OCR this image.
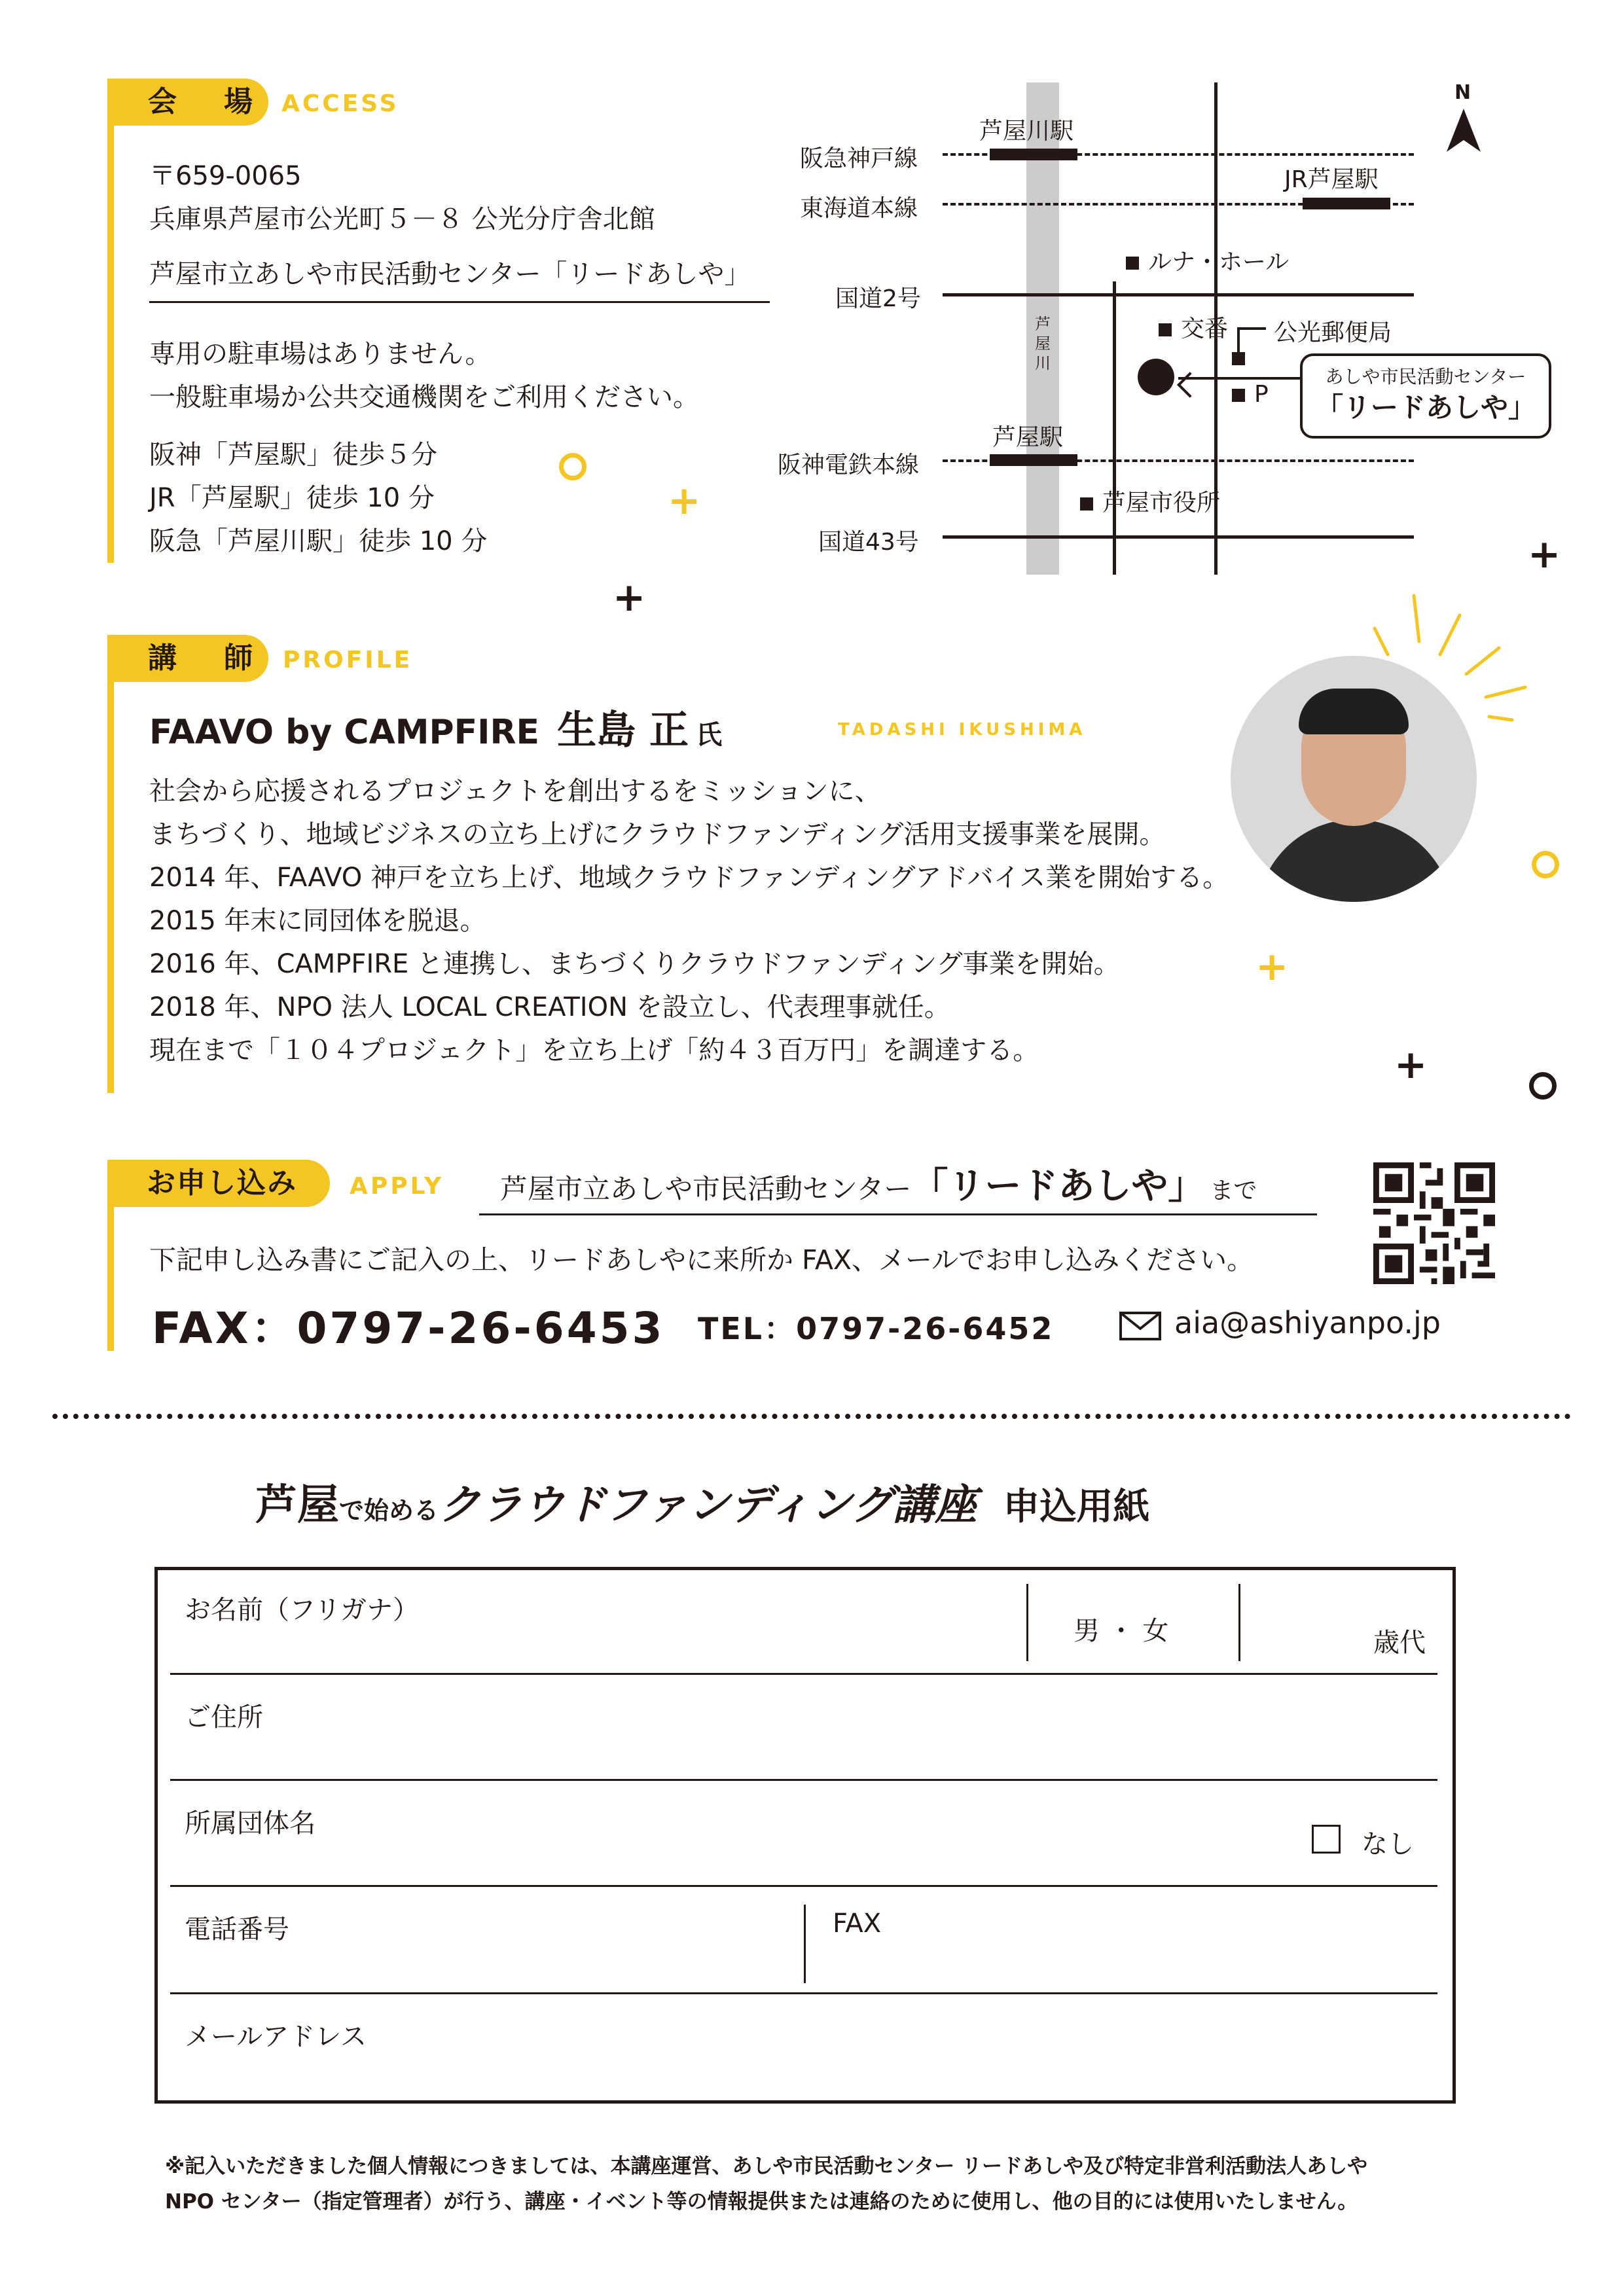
会　場 ACCESS
〒659-0065
兵庫県芦屋市公光町５－８ 公光分庁舎北館
芦屋市立あしや市民活動センター「リードあしや」
専用の駐車場はありません。
一般駐車場か公共交通機関をご利用ください。
阪神「芦屋駅」徒歩５分
JR「芦屋駅」徒歩 10 分
阪急「芦屋川駅」徒歩 10 分
+
+
+
芦屋川
芦屋川駅
JR芦屋駅
芦屋駅
阪急神戸線
東海道本線
国道2号
阪神電鉄本線
国道43号
ルナ・ホール
交番 公光郵便局
P
芦屋市役所
あしや市民活動センター
「リードあしや」
N
講　師 PROFILE
FAAVO by CAMPFIRE 生島 正 氏	TADASHI IKUSHIMA
社会から応援されるプロジェクトを創出するをミッションに、
まちづくり、地域ビジネスの立ち上げにクラウドファンディング活用支援事業を展開。
2014 年、FAAVO 神戸を立ち上げ、地域クラウドファンディングアドバイス業を開始する。
2015 年末に同団体を脱退。
2016 年、CAMPFIRE と連携し、まちづくりクラウドファンディング事業を開始。
2018 年、NPO 法人 LOCAL CREATION を設立し、代表理事就任。
現在まで「１０４プロジェクト」を立ち上げ「約４３百万円」を調達する。
+
+
お申し込み	APPLY 芦屋市立あしや市民活動センター「リードあしや」 まで
下記申し込み書にご記入の上、リードあしやに来所か FAX、メールでお申し込みください。
FAX：0797-26-6453 TEL：0797-26-6452	aia@ashiyanpo.jp
芦屋で始めるクラウドファンディング講座 申込用紙
お名前（フリガナ）
男 ・ 女	歳代
ご住所
所属団体名
なし
電話番号	FAX
メールアドレス
※記入いただきました個人情報につきましては、本講座運営、あしや市民活動センター リードあしや及び特定非営利活動法人あしや
NPO センター（指定管理者）が行う、講座・イベント等の情報提供または連絡のために使用し、他の目的には使用いたしません。
